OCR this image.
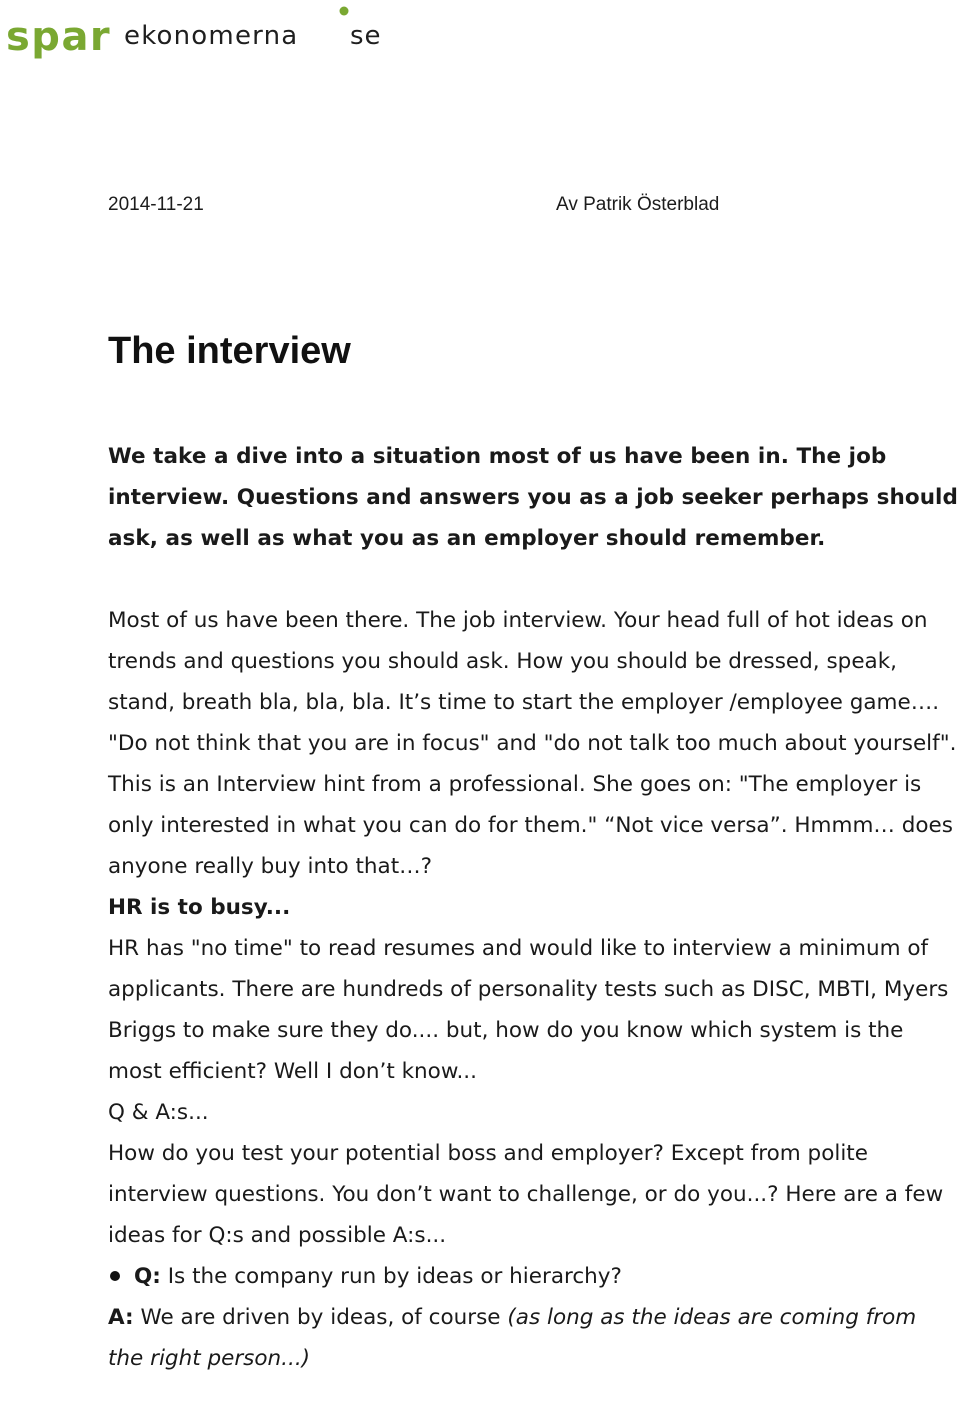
spar ekonomerna se
2014-11-21	Av Patrik Österblad
The interview

We take a dive into a situation most of us have been in. The job interview. Questions and answers you as a job seeker perhaps should ask, as well as what you as an employer should remember.

Most of us have been there. The job interview. Your head full of hot ideas on trends and questions you should ask. How you should be dressed, speak, stand, breath bla, bla, bla. It’s time to start the employer /employee game….

"Do not think that you are in focus" and "do not talk too much about yourself". This is an Interview hint from a professional. She goes on: "The employer is only interested in what you can do for them." “Not vice versa”. Hmmm… does anyone really buy into that…?

HR is to busy...

HR has "no time" to read resumes and would like to interview a minimum of applicants. There are hundreds of personality tests such as DISC, MBTI, Myers Briggs to make sure they do.... but, how do you know which system is the most efficient? Well I don’t know...

Q & A:s...

How do you test your potential boss and employer? Except from polite interview questions. You don’t want to challenge, or do you...? Here are a few ideas for Q:s and possible A:s...

Q: Is the company run by ideas or hierarchy?

A: We are driven by ideas, of course (as long as the ideas are coming from the right person...)
